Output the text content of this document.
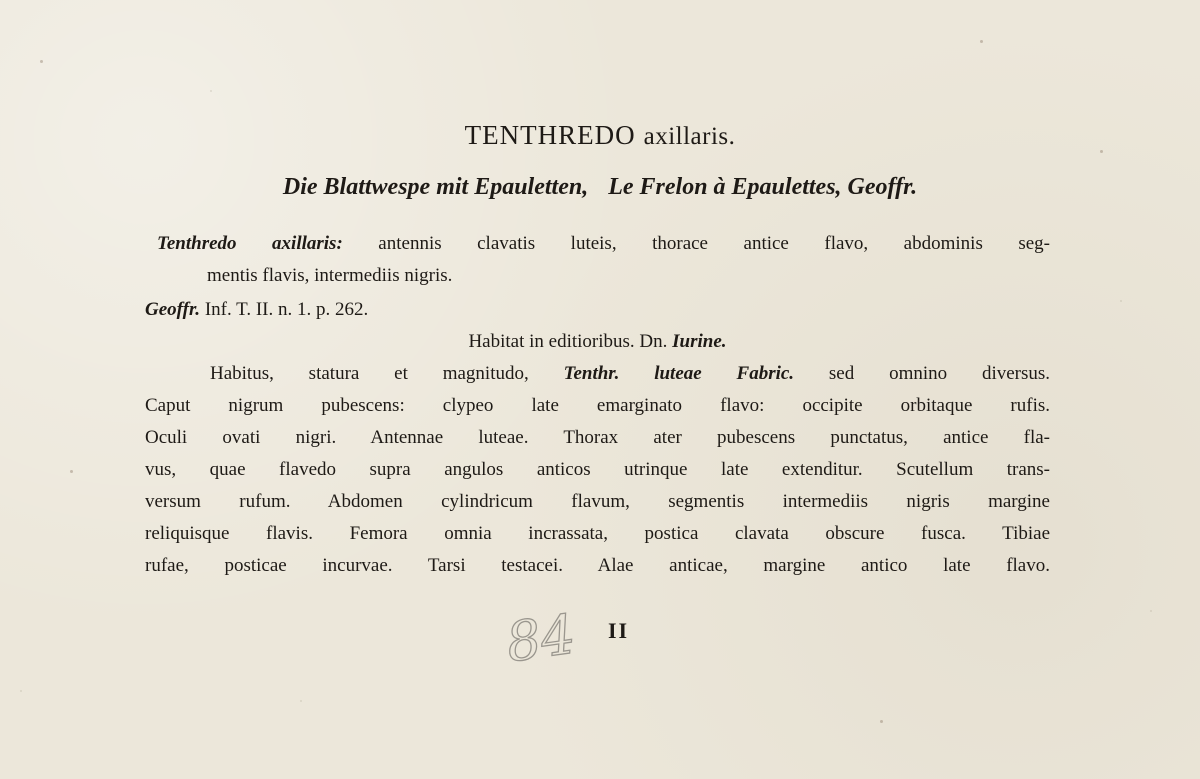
TENTHREDO axillaris.
Die Blattwespe mit Epauletten, Le Frelon à Epaulettes, Geoffr.
Tenthredo axillaris: antennis clavatis luteis, thorace antice flavo, abdominis seg-
mentis flavis, intermediis nigris.
Geoffr. Inf. T. II. n. 1. p. 262.
Habitat in editioribus. Dn. Iurine.
Habitus, statura et magnitudo, Tenthr. luteae Fabric. sed omnino diversus.
Caput nigrum pubescens: clypeo late emarginato flavo: occipite orbitaque rufis.
Oculi ovati nigri. Antennae luteae. Thorax ater pubescens punctatus, antice fla-
vus, quae flavedo supra angulos anticos utrinque late extenditur. Scutellum trans-
versum rufum. Abdomen cylindricum flavum, segmentis intermediis nigris margine
reliquisque flavis. Femora omnia incrassata, postica clavata obscure fusca. Tibiae
rufae, posticae incurvae. Tarsi testacei. Alae anticae, margine antico late flavo.
84 II
